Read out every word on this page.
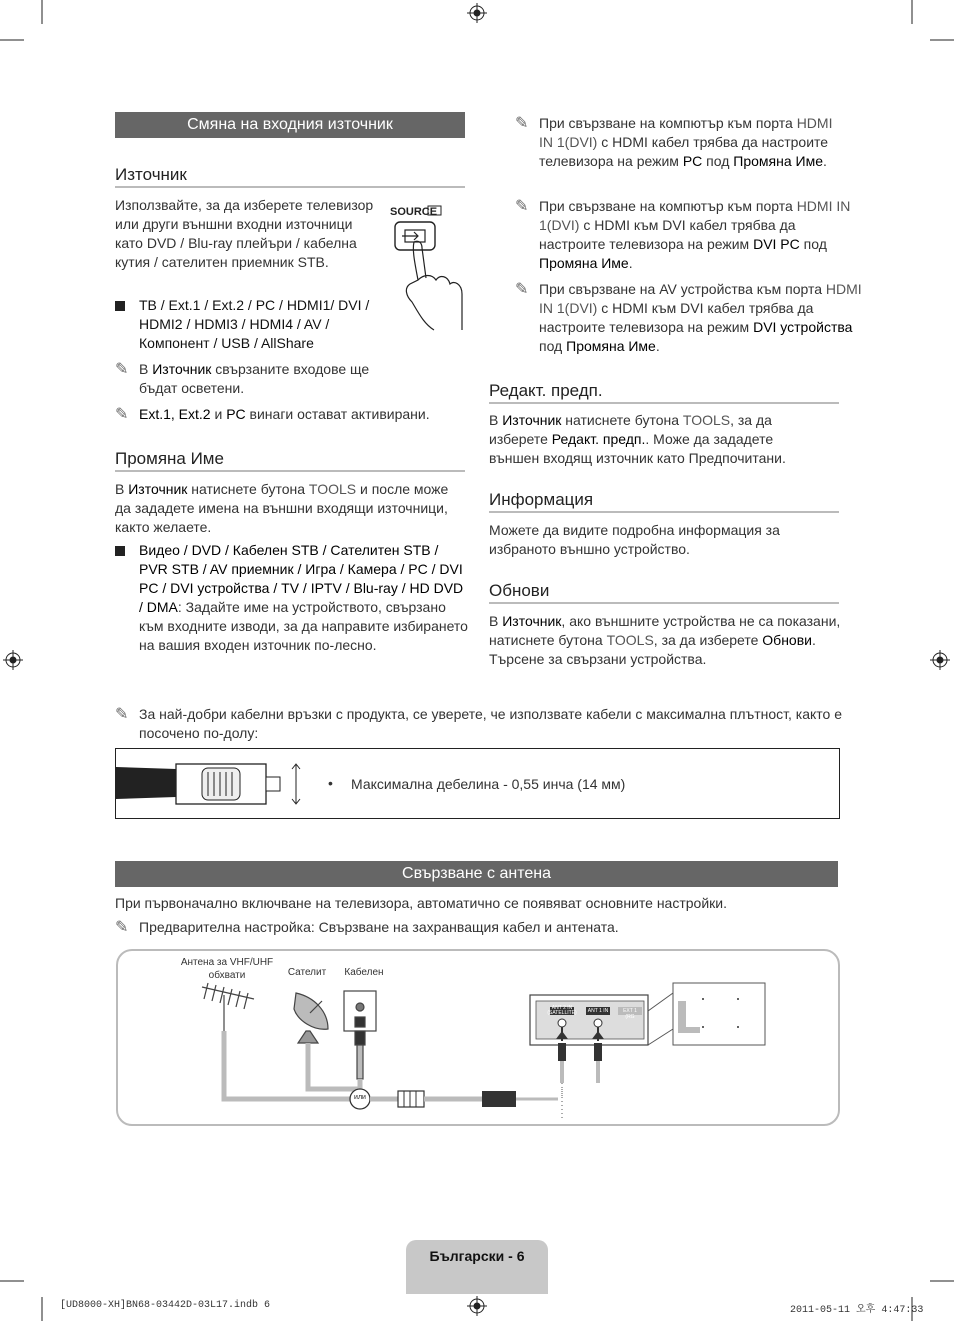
Смяна на входния източник
Източник
Използвайте, за да изберете телевизор или други външни входни източници като DVD / Blu-ray плейъри / кабелна кутия / сателитен приемник STB.
SOURCE
TB / Ext.1 / Ext.2 / PC / HDMI1/ DVI / HDMI2 / HDMI3 / HDMI4 / AV / Компонент / USB / AllShare
✎ В Източник свързаните входове ще бъдат осветени.
✎ Ext.1, Ext.2 и PC винаги остават активирани.
Промяна Име
В Източник натиснете бутона TOOLS и после може да зададете имена на външни входящи източници, както желаете.
Видео / DVD / Кабелен STB / Сателитен STB / PVR STB / AV приемник / Игра / Камера / PC / DVI PC / DVI устройства / TV / IPTV / Blu-ray / HD DVD / DMA: Задайте име на устройството, свързано към входните изводи, за да направите избирането на вашия входен източник по-лесно.
✎ При свързване на компютър към порта HDMI IN 1(DVI) с HDMI кабел трябва да настроите телевизора на режим PC под Промяна Име.
✎ При свързване на компютър към порта HDMI IN 1(DVI) с HDMI към DVI кабел трябва да настроите телевизора на режим DVI PC под Промяна Име.
✎ При свързване на AV устройства към порта HDMI IN 1(DVI) с HDMI към DVI кабел трябва да настроите телевизора на режим DVI устройства под Промяна Име.
Редакт. предп.
В Източник натиснете бутона TOOLS, за да изберете Редакт. предп.. Може да зададете външен входящ източник като Предпочитани.
Информация
Можете да видите подробна информация за избраното външно устройство.
Обнови
В Източник, ако външните устройства не са показани, натиснете бутона TOOLS, за да изберете Обнови. Търсене за свързани устройства.
✎ За най-добри кабелни връзки с продукта, се уверете, че използвате кабели с максимална плътност, както е посочено по-долу:
• Максимална дебелина - 0,55 инча (14 мм)
Свързване с антена
При първоначално включване на телевизора, автоматично се появяват основните настройки.
✎ Предварителна настройка: Свързване на захранващия кабел и антената.
Антена за VHF/UHF
обхвати	Сателит	Кабелен
или
ANT 2 IN
(SATELLITE)	ANT 1 IN	EXT 1 (RG
Български - 6
[UD8000-XH]BN68-03442D-03L17.indb 6	2011-05-11 오후 4:47:33
